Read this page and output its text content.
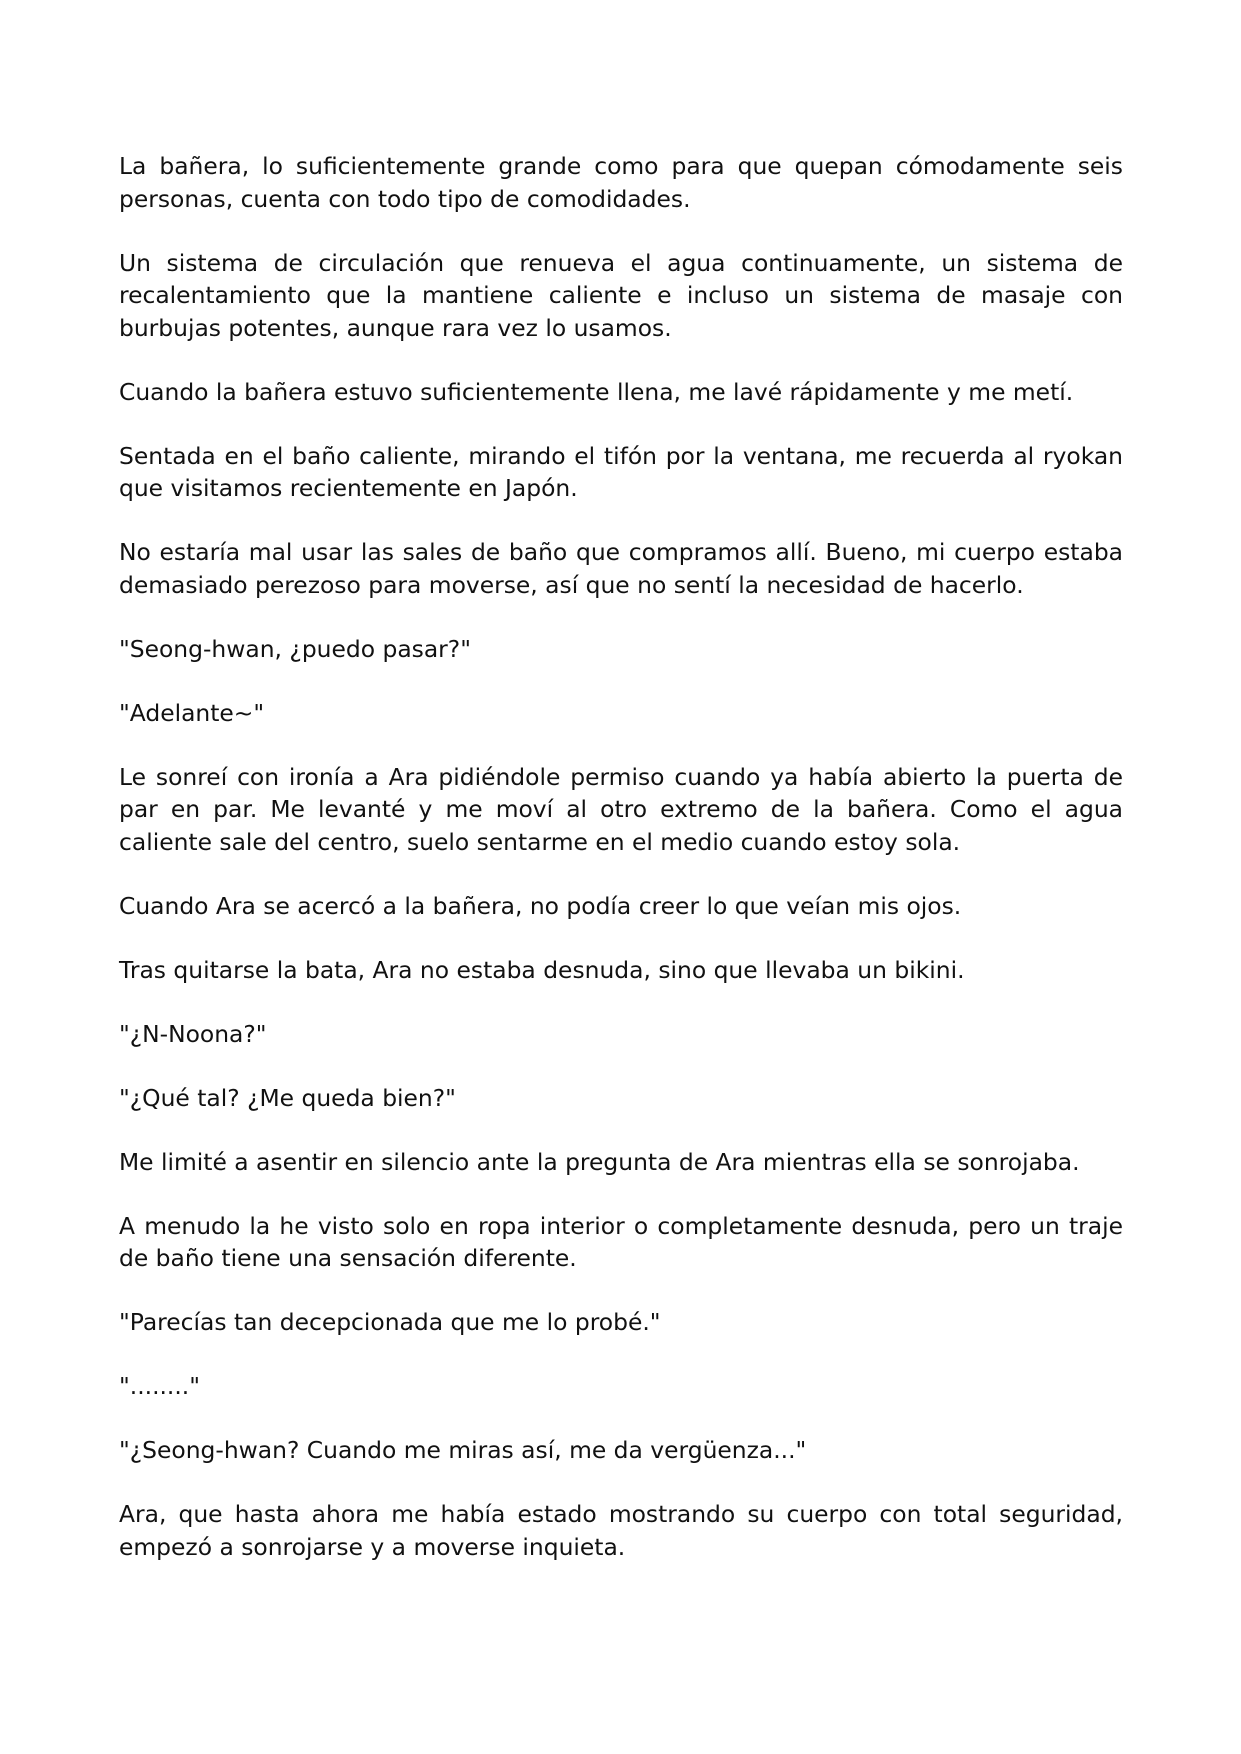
La bañera, lo suficientemente grande como para que quepan cómodamente seis personas, cuenta con todo tipo de comodidades.

Un sistema de circulación que renueva el agua continuamente, un sistema de recalentamiento que la mantiene caliente e incluso un sistema de masaje con burbujas potentes, aunque rara vez lo usamos.

Cuando la bañera estuvo suficientemente llena, me lavé rápidamente y me metí.

Sentada en el baño caliente, mirando el tifón por la ventana, me recuerda al ryokan que visitamos recientemente en Japón.

No estaría mal usar las sales de baño que compramos allí. Bueno, mi cuerpo estaba demasiado perezoso para moverse, así que no sentí la necesidad de hacerlo.

"Seong-hwan, ¿puedo pasar?"

"Adelante~"

Le sonreí con ironía a Ara pidiéndole permiso cuando ya había abierto la puerta de par en par. Me levanté y me moví al otro extremo de la bañera. Como el agua caliente sale del centro, suelo sentarme en el medio cuando estoy sola.

Cuando Ara se acercó a la bañera, no podía creer lo que veían mis ojos.

Tras quitarse la bata, Ara no estaba desnuda, sino que llevaba un bikini.

"¿N-Noona?"

"¿Qué tal? ¿Me queda bien?"

Me limité a asentir en silencio ante la pregunta de Ara mientras ella se sonrojaba.

A menudo la he visto solo en ropa interior o completamente desnuda, pero un traje de baño tiene una sensación diferente.

"Parecías tan decepcionada que me lo probé."

"........"

"¿Seong-hwan? Cuando me miras así, me da vergüenza..."

Ara, que hasta ahora me había estado mostrando su cuerpo con total seguridad, empezó a sonrojarse y a moverse inquieta.
